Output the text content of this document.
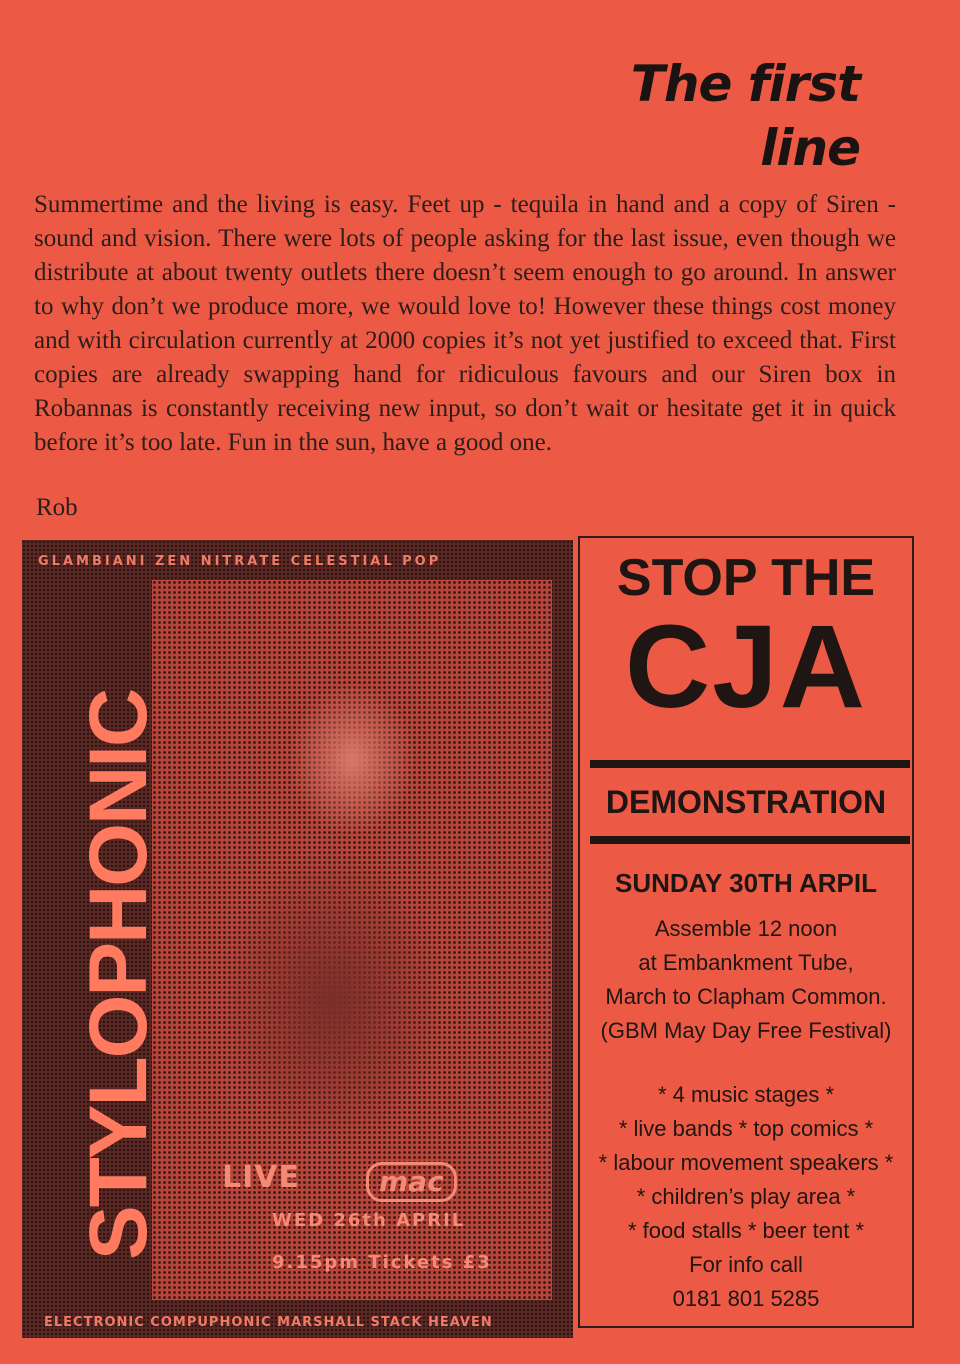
The first
line

Summertime and the living is easy. Feet up - tequila in hand and a copy of Siren - sound and vision. There were lots of people asking for the last issue, even though we distribute at about twenty outlets there doesn’t seem enough to go around. In answer to why don’t we produce more, we would love to! However these things cost money and with circulation currently at 2000 copies it’s not yet justified to exceed that. First copies are already swapping hand for ridiculous favours and our Siren box in Robannas is constantly receiving new input, so don’t wait or hesitate get it in quick before it’s too late. Fun in the sun, have a good one.

Rob
GLAMBIANI ZEN NITRATE CELESTIAL POP
STYLOPHONIC LIVE	mac
WED 26th APRIL
9.15pm Tickets £3
ELECTRONIC COMPUPHONIC MARSHALL STACK HEAVEN
STOP THE
CJA
DEMONSTRATION
SUNDAY 30TH ARPIL
Assemble 12 noon
at Embankment Tube,
March to Clapham Common.
(GBM May Day Free Festival)
* 4 music stages *
* live bands * top comics *
* labour movement speakers *
* children’s play area *
* food stalls * beer tent *
For info call
0181 801 5285
